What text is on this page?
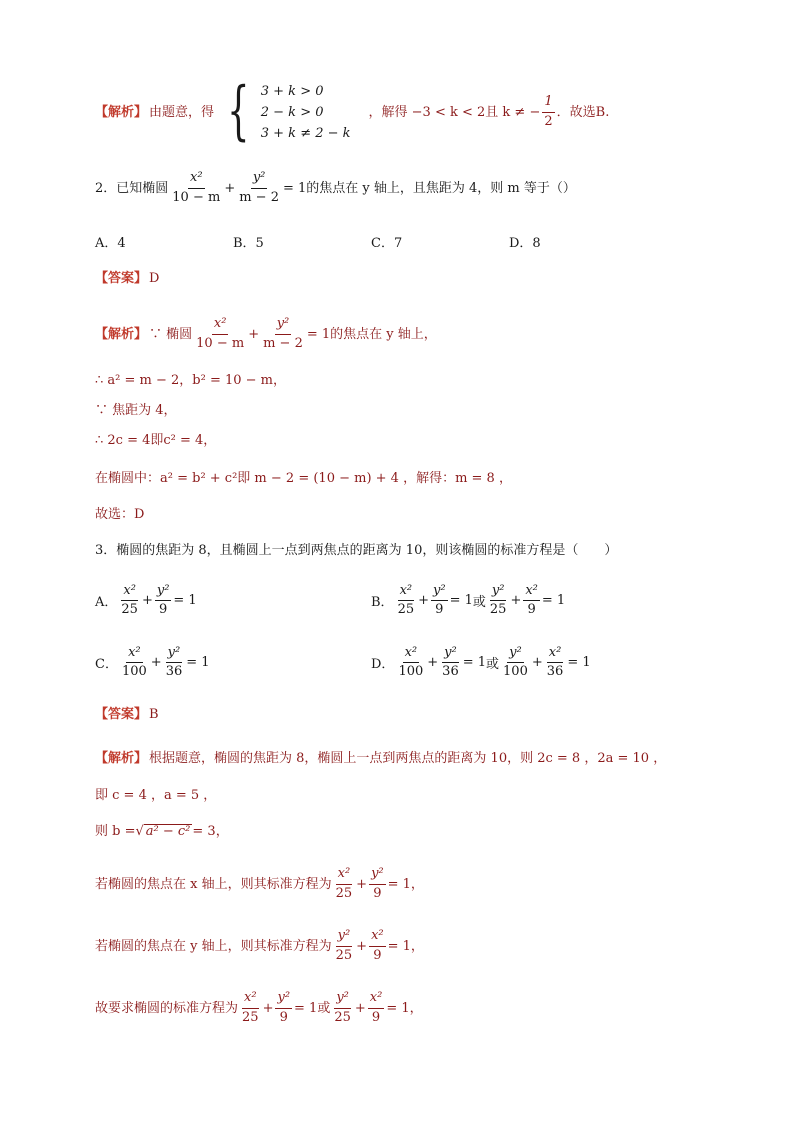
【解析】 由题意，得 { 3 + k > 0
2 − k > 0
3 + k ≠ 2 − k
，解得 −3 < k < 2且 k ≠ − $\frac{1}{2}$ ．故选B.
2．已知椭圆 $\frac{\text{x²}}{10 - m} + \frac{\text{y²}}{m - 2} = 1$ 的焦点在 y 轴上，且焦距为 4，则 m 等于（）
A．4	B．5	C．7	D．8
【答案】 D
【解析】 ∵ 椭圆 $\frac{\text{x²}}{10 - m} + \frac{\text{y²}}{m - 2} = 1$ 的焦点在 y 轴上，
∴ a² = m − 2，b² = 10 − m，
∵ 焦距为 4，
∴ 2c = 4即c² = 4，
在椭圆中：a² = b² + c²即 m − 2 = (10 − m) + 4 ，解得：m = 8 ，
故选：D
3．椭圆的焦距为 8，且椭圆上一点到两焦点的距离为 10，则该椭圆的标准方程是（　　）
A． $\frac{\text{x²}}{25} + \frac{\text{y²}}{9} = 1$	B． $\frac{\text{x²}}{25} + \frac{\text{y²}}{9} = 1$ 或 $\frac{\text{y²}}{25} + \frac{\text{x²}}{9} = 1$
C． $\frac{\text{x²}}{100} + \frac{\text{y²}}{36} = 1$	D． $\frac{\text{x²}}{100} + \frac{\text{y²}}{36} = 1$ 或 $\frac{\text{y²}}{100} + \frac{\text{x²}}{36} = 1$
【答案】 B
【解析】 根据题意，椭圆的焦距为 8，椭圆上一点到两焦点的距离为 10，则 2c = 8 ，2a = 10 ，
即 c = 4 ，a = 5 ，
则 b = √ a² − c² = 3，
若椭圆的焦点在 x 轴上，则其标准方程为 $\frac{\text{x²}}{25} + \frac{\text{y²}}{9} = 1$，
若椭圆的焦点在 y 轴上，则其标准方程为 $\frac{\text{y²}}{25} + \frac{\text{x²}}{9} = 1$，
故要求椭圆的标准方程为 $\frac{\text{x²}}{25} + \frac{\text{y²}}{9} = 1$ 或 $\frac{\text{y²}}{25} + \frac{\text{x²}}{9} = 1$，
